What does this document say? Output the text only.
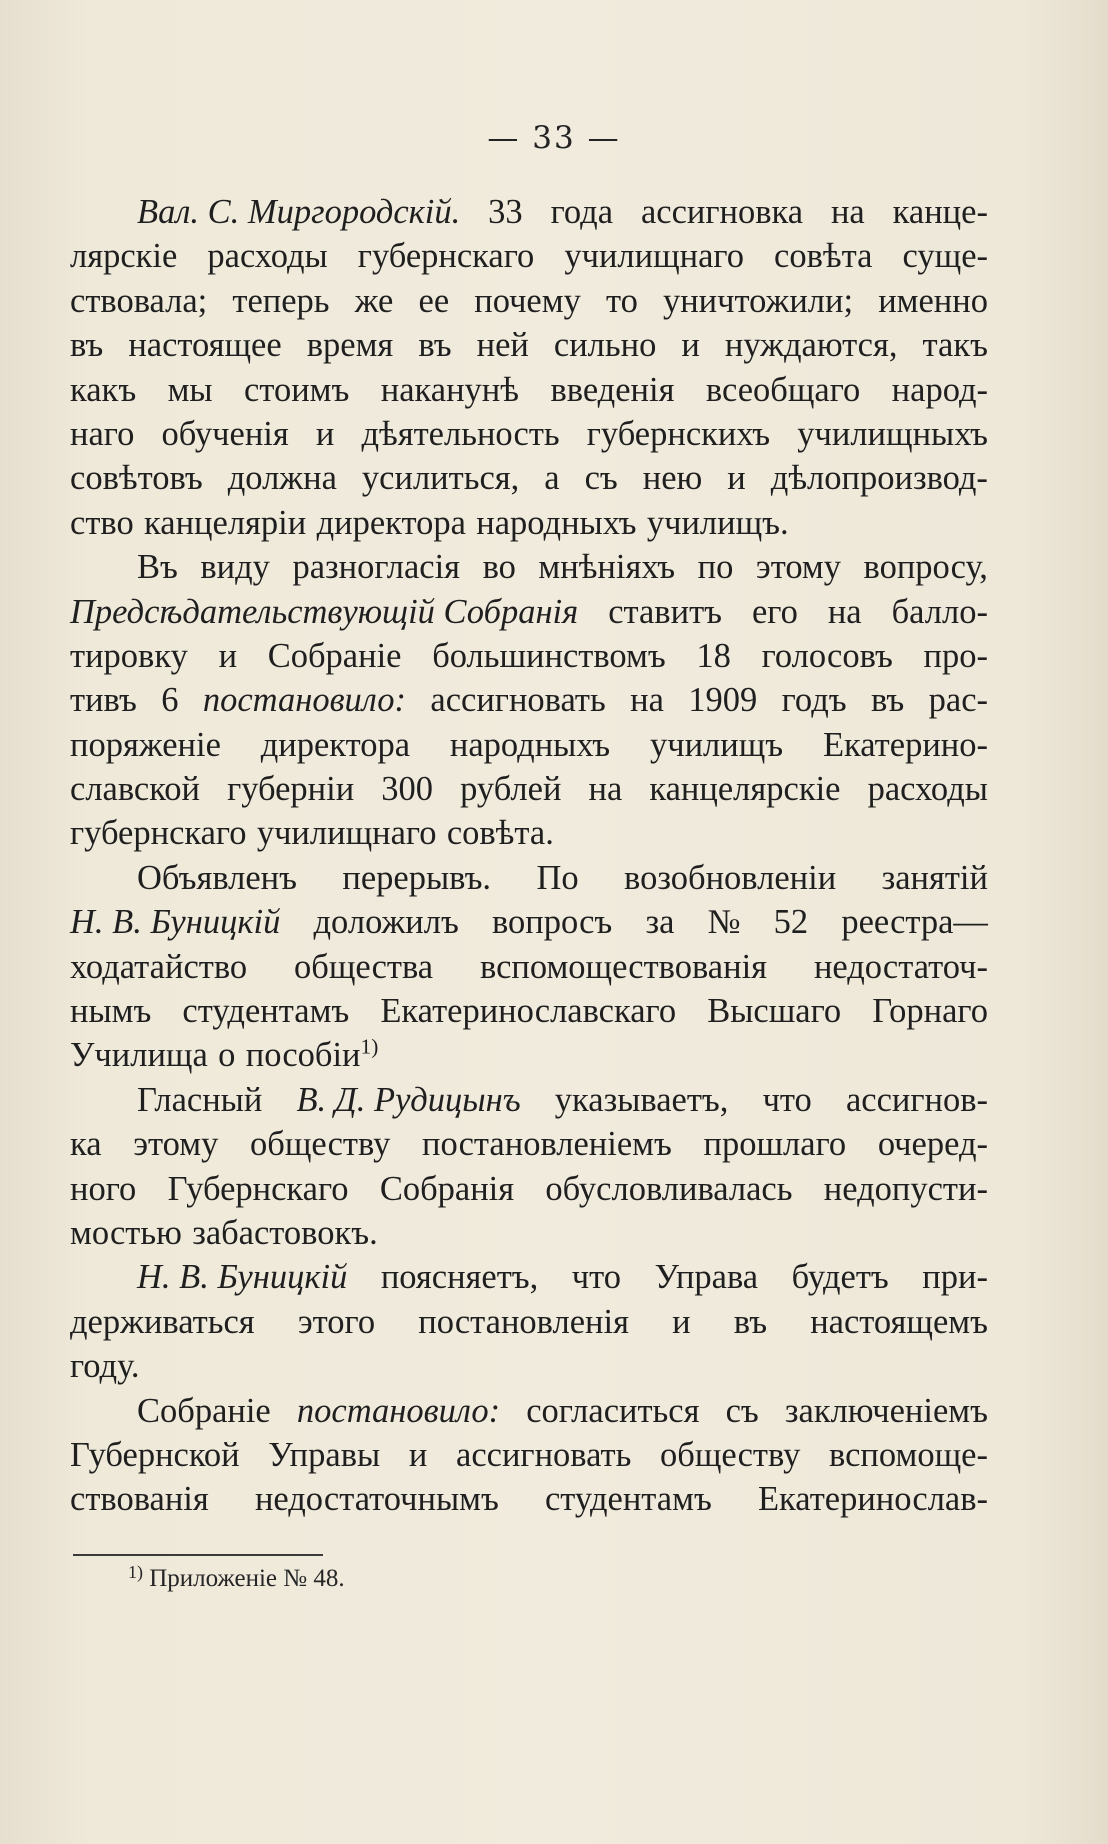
— 33 —
Вал. С. Миргородскій. 33 года ассигновка на канце-
лярскіе расходы губернскаго училищнаго совѣта суще-
ствовала; теперь же ее почему то уничтожили; именно
въ настоящее время въ ней сильно и нуждаются, такъ
какъ мы стоимъ наканунѣ введенія всеобщаго народ-
наго обученія и дѣятельность губернскихъ училищныхъ
совѣтовъ должна усилиться, а съ нею и дѣлопроизвод-
ство канцеляріи директора народныхъ училищъ.
Въ виду разногласія во мнѣніяхъ по этому вопросу,
Предсѣдательствующій Собранія ставитъ его на балло-
тировку и Собраніе большинствомъ 18 голосовъ про-
тивъ 6 постановило: ассигновать на 1909 годъ въ рас-
поряженіе директора народныхъ училищъ Екатерино-
славской губерніи 300 рублей на канцелярскіе расходы
губернскаго училищнаго совѣта.
Объявленъ перерывъ. По возобновленіи занятій
Н. В. Буницкій доложилъ вопросъ за № 52 реестра—
ходатайство общества вспомоществованія недостаточ-
нымъ студентамъ Екатеринославскаго Высшаго Горнаго
Училища о пособіи$^{1)}$
Гласный В. Д. Рудицынъ указываетъ, что ассигнов-
ка этому обществу постановленіемъ прошлаго очеред-
ного Губернскаго Собранія обусловливалась недопусти-
мостью забастовокъ.
Н. В. Буницкій поясняетъ, что Управа будетъ при-
держиваться этого постановленія и въ настоящемъ
году.
Собраніе постановило: согласиться съ заключеніемъ
Губернской Управы и ассигновать обществу вспомоще-
ствованія недостаточнымъ студентамъ Екатеринослав-
$^{1)}$ Приложеніе № 48.
